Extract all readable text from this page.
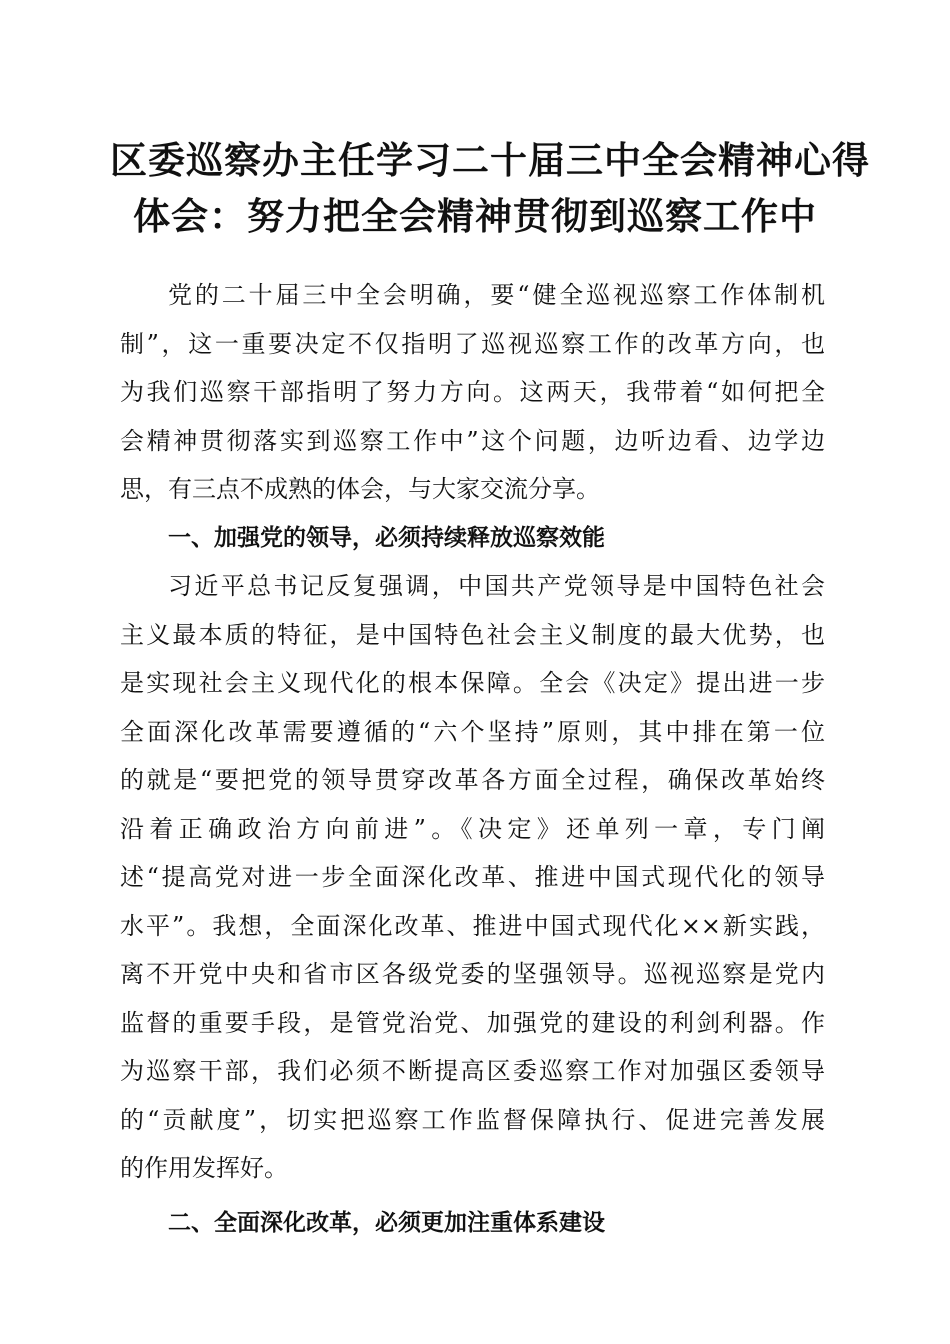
区委巡察办主任学习二十届三中全会精神心得
体会：努力把全会精神贯彻到巡察工作中
党的二十届三中全会明确，要“健全巡视巡察工作体制机
制”，这一重要决定不仅指明了巡视巡察工作的改革方向，也
为我们巡察干部指明了努力方向。这两天，我带着“如何把全
会精神贯彻落实到巡察工作中”这个问题，边听边看、边学边
思，有三点不成熟的体会，与大家交流分享。
一、加强党的领导，必须持续释放巡察效能
习近平总书记反复强调，中国共产党领导是中国特色社会
主义最本质的特征，是中国特色社会主义制度的最大优势，也
是实现社会主义现代化的根本保障。全会《决定》提出进一步
全面深化改革需要遵循的“六个坚持”原则，其中排在第一位
的就是“要把党的领导贯穿改革各方面全过程，确保改革始终
沿着正确政治方向前进”。《决定》还单列一章，专门阐
述“提高党对进一步全面深化改革、推进中国式现代化的领导
水平”。我想，全面深化改革、推进中国式现代化××新实践，
离不开党中央和省市区各级党委的坚强领导。巡视巡察是党内
监督的重要手段，是管党治党、加强党的建设的利剑利器。作
为巡察干部，我们必须不断提高区委巡察工作对加强区委领导
的“贡献度”，切实把巡察工作监督保障执行、促进完善发展
的作用发挥好。
二、全面深化改革，必须更加注重体系建设
